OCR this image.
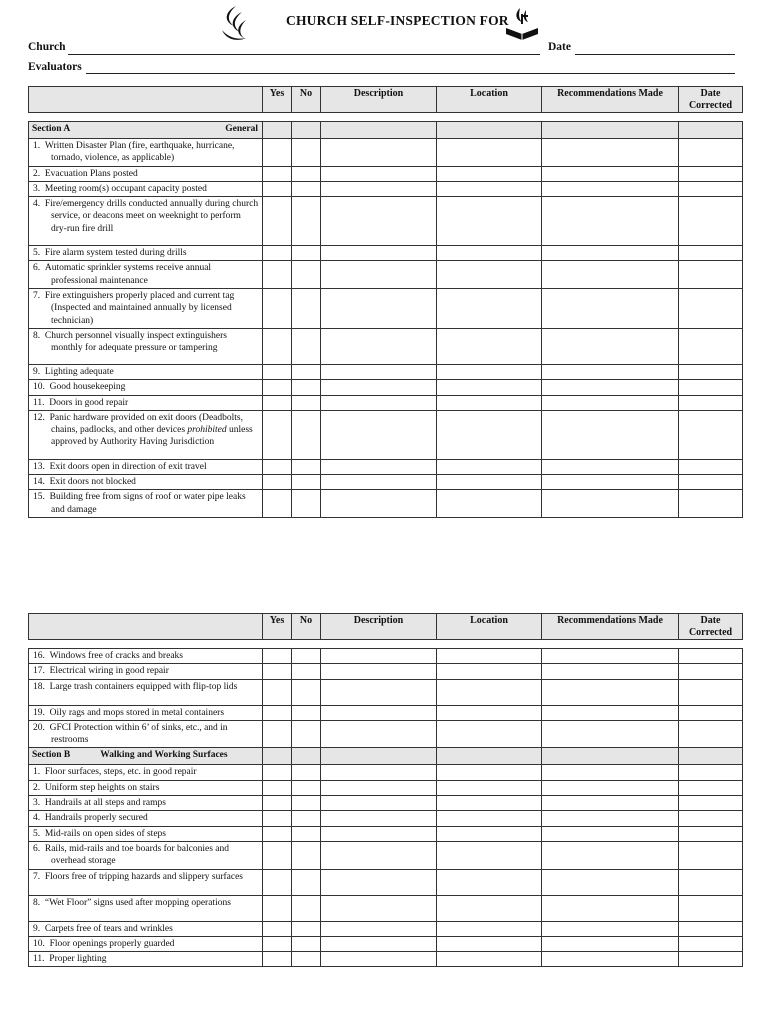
CHURCH SELF-INSPECTION FOR
Church	Date
Evaluators
	Yes	No	Description	Location	Recommendations Made	Date Corrected

Section A General						

1. Written Disaster Plan (fire, earthquake, hurricane, tornado, violence, as applicable)						
2. Evacuation Plans posted						
3. Meeting room(s) occupant capacity posted						
4. Fire/emergency drills conducted annually during church service, or deacons meet on weeknight to perform dry-run fire drill						
5. Fire alarm system tested during drills						
6. Automatic sprinkler systems receive annual professional maintenance						
7. Fire extinguishers properly placed and current tag (Inspected and maintained annually by licensed technician)						
8. Church personnel visually inspect extinguishers monthly for adequate pressure or tampering						
9. Lighting adequate						
10. Good housekeeping						
11. Doors in good repair						
12. Panic hardware provided on exit doors (Deadbolts, chains, padlocks, and other devices prohibited unless approved by Authority Having Jurisdiction						
13. Exit doors open in direction of exit travel						
14. Exit doors not blocked						
15. Building free from signs of roof or water pipe leaks and damage						
	Yes	No	Description	Location	Recommendations Made	Date Corrected

16. Windows free of cracks and breaks						
17. Electrical wiring in good repair						
18. Large trash containers equipped with flip-top lids						
19. Oily rags and mops stored in metal containers						
20. GFCI Protection within 6’ of sinks, etc., and in restrooms						

Section B Walking and Working Surfaces						

1. Floor surfaces, steps, etc. in good repair						
2. Uniform step heights on stairs						
3. Handrails at all steps and ramps						
4. Handrails properly secured						
5. Mid-rails on open sides of steps						
6. Rails, mid-rails and toe boards for balconies and overhead storage						
7. Floors free of tripping hazards and slippery surfaces						
8. “Wet Floor” signs used after mopping operations						
9. Carpets free of tears and wrinkles						
10. Floor openings properly guarded						
11. Proper lighting						
